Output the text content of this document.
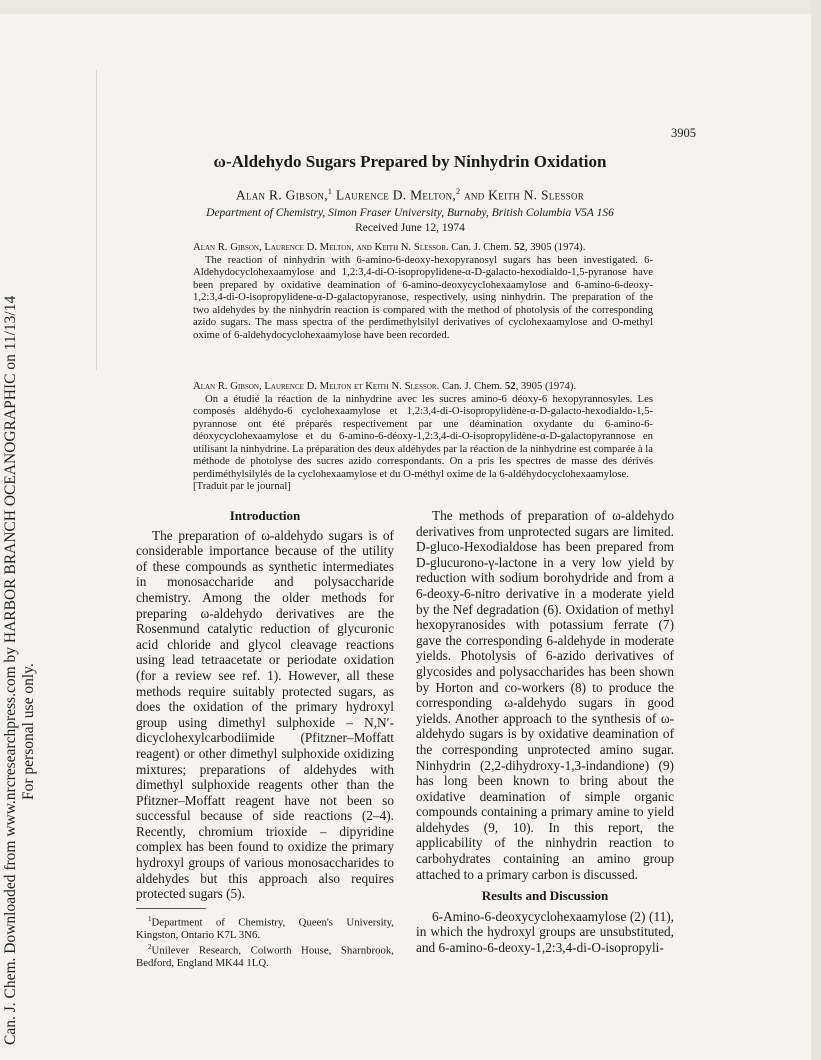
Can. J. Chem. Downloaded from www.nrcresearchpress.com by HARBOR BRANCH OCEANOGRAPHIC on 11/13/14 For personal use only.
3905
ω-Aldehydo Sugars Prepared by Ninhydrin Oxidation
Alan R. Gibson,$^1$ Laurence D. Melton,$^2$ and Keith N. Slessor
Department of Chemistry, Simon Fraser University, Burnaby, British Columbia V5A 1S6
Received June 12, 1974

Alan R. Gibson, Laurence D. Melton, and Keith N. Slessor. Can. J. Chem. 52, 3905 (1974).

The reaction of ninhydrin with 6-amino-6-deoxy-hexopyranosyl sugars has been investigated. 6-Aldehydocyclohexaamylose and 1,2:3,4-di-O-isopropylidene-α-D-galacto-hexodialdo-1,5-pyranose have been prepared by oxidative deamination of 6-amino-deoxycyclohexaamylose and 6-amino-6-deoxy-1,2:3,4-di-O-isopropylidene-α-D-galactopyranose, respectively, using ninhydrin. The preparation of the two aldehydes by the ninhydrin reaction is compared with the method of photolysis of the corresponding azido sugars. The mass spectra of the perdimethylsilyl derivatives of cyclohexaamylose and O-methyl oxime of 6-aldehydocyclohexaamylose have been recorded.

Alan R. Gibson, Laurence D. Melton et Keith N. Slessor. Can. J. Chem. 52, 3905 (1974).

On a étudié la réaction de la ninhydrine avec les sucres amino-6 déoxy-6 hexopyrannosyles. Les composés aldéhydo-6 cyclohexaamylose et 1,2:3,4-di-O-isopropylidène-α-D-galacto-hexodialdo-1,5-pyrannose ont été préparés respectivement par une déamination oxydante du 6-amino-6-déoxycyclohexaamylose et du 6-amino-6-déoxy-1,2:3,4-di-O-isopropylidène-α-D-galactopyrannose en utilisant la ninhydrine. La préparation des deux aldéhydes par la réaction de la ninhydrine est comparée à la méthode de photolyse des sucres azido correspondants. On a pris les spectres de masse des dérivés perdiméthylsilylés de la cyclohexaamylose et du O-méthyl oxime de la 6-aldéhydocyclohexaamylose.

[Traduit par le journal]

Introduction

The preparation of ω-aldehydo sugars is of considerable importance because of the utility of these compounds as synthetic intermediates in monosaccharide and polysaccharide chemistry. Among the older methods for preparing ω-aldehydo derivatives are the Rosenmund catalytic reduction of glycuronic acid chloride and glycol cleavage reactions using lead tetraacetate or periodate oxidation (for a review see ref. 1). However, all these methods require suitably protected sugars, as does the oxidation of the primary hydroxyl group using dimethyl sulphoxide – N,N′-dicyclohexylcarbodiimide (Pfitzner–Moffatt reagent) or other dimethyl sulphoxide oxidizing mixtures; preparations of aldehydes with dimethyl sulphoxide reagents other than the Pfitzner–Moffatt reagent have not been so successful because of side reactions (2–4). Recently, chromium trioxide – dipyridine complex has been found to oxidize the primary hydroxyl groups of various monosaccharides to aldehydes but this approach also requires protected sugars (5).

$^1$Department of Chemistry, Queen's University, Kingston, Ontario K7L 3N6.

$^2$Unilever Research, Colworth House, Sharnbrook, Bedford, England MK44 1LQ.

The methods of preparation of ω-aldehydo derivatives from unprotected sugars are limited. D-gluco-Hexodialdose has been prepared from D-glucurono-γ-lactone in a very low yield by reduction with sodium borohydride and from a 6-deoxy-6-nitro derivative in a moderate yield by the Nef degradation (6). Oxidation of methyl hexopyranosides with potassium ferrate (7) gave the corresponding 6-aldehyde in moderate yields. Photolysis of 6-azido derivatives of glycosides and polysaccharides has been shown by Horton and co-workers (8) to produce the corresponding ω-aldehydo sugars in good yields. Another approach to the synthesis of ω-aldehydo sugars is by oxidative deamination of the corresponding unprotected amino sugar. Ninhydrin (2,2-dihydroxy-1,3-indandione) (9) has long been known to bring about the oxidative deamination of simple organic compounds containing a primary amine to yield aldehydes (9, 10). In this report, the applicability of the ninhydrin reaction to carbohydrates containing an amino group attached to a primary carbon is discussed.

Results and Discussion

6-Amino-6-deoxycyclohexaamylose (2) (11), in which the hydroxyl groups are unsubstituted, and 6-amino-6-deoxy-1,2:3,4-di-O-isopropyli-
